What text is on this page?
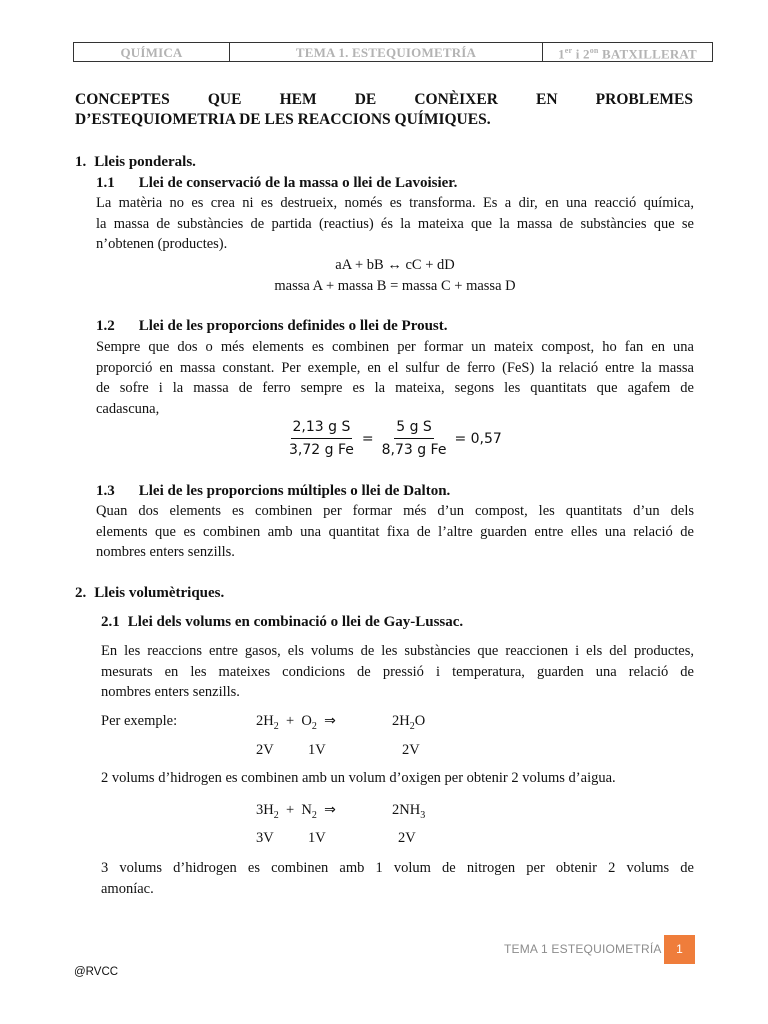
QUÍMICA	TEMA 1. ESTEQUIOMETRÍA	1er i $2^{on}$ BATXILLERAT
CONCEPTES QUE HEM DE CONÈIXER EN PROBLEMES
D’ESTEQUIOMETRIA DE LES REACCIONS QUÍMIQUES.
1. Lleis ponderals.
1.1 Llei de conservació de la massa o llei de Lavoisier.
La matèria no es crea ni es destrueix, només es transforma. Es a dir, en una reacció química,
la massa de substàncies de partida (reactius) és la mateixa que la massa de substàncies que se
n’obtenen (productes).
aA + bB ↔ cC + dD
massa A + massa B = massa C + massa D
1.2 Llei de les proporcions definides o llei de Proust.
Sempre que dos o més elements es combinen per formar un mateix compost, ho fan en una
proporció en massa constant. Per exemple, en el sulfur de ferro (FeS) la relació entre la massa
de sofre i la massa de ferro sempre es la mateixa, segons les quantitats que agafem de
cadascuna,
$\frac{\text{2,13 g S}}{\text{3,72 g Fe}} = \frac{\text{5 g S}}{\text{8,73 g Fe}} = 0,57$
1.3 Llei de les proporcions múltiples o llei de Dalton.
Quan dos elements es combinen per formar més d’un compost, les quantitats d’un dels
elements que es combinen amb una quantitat fixa de l’altre guarden entre elles una relació de
nombres enters senzills.
2. Lleis volumètriques.
2.1 Llei dels volums en combinació o llei de Gay-Lussac.
En les reaccions entre gasos, els volums de les substàncies que reaccionen i els del productes,
mesurats en les mateixes condicions de pressió i temperatura, guarden una relació de
nombres enters senzills.
Per exemple:	$2H_2 + O_2$ ⇒	$2H_2O$
2V 1V	2V
2 volums d’hidrogen es combinen amb un volum d’oxigen per obtenir 2 volums d’aigua.
$3H_2 + N_2$ ⇒	$2NH_3$
3V 1V	2V
3 volums d’hidrogen es combinen amb 1 volum de nitrogen per obtenir 2 volums de
amoníac.
TEMA 1 ESTEQUIOMETRÍA	1
@RVCC
